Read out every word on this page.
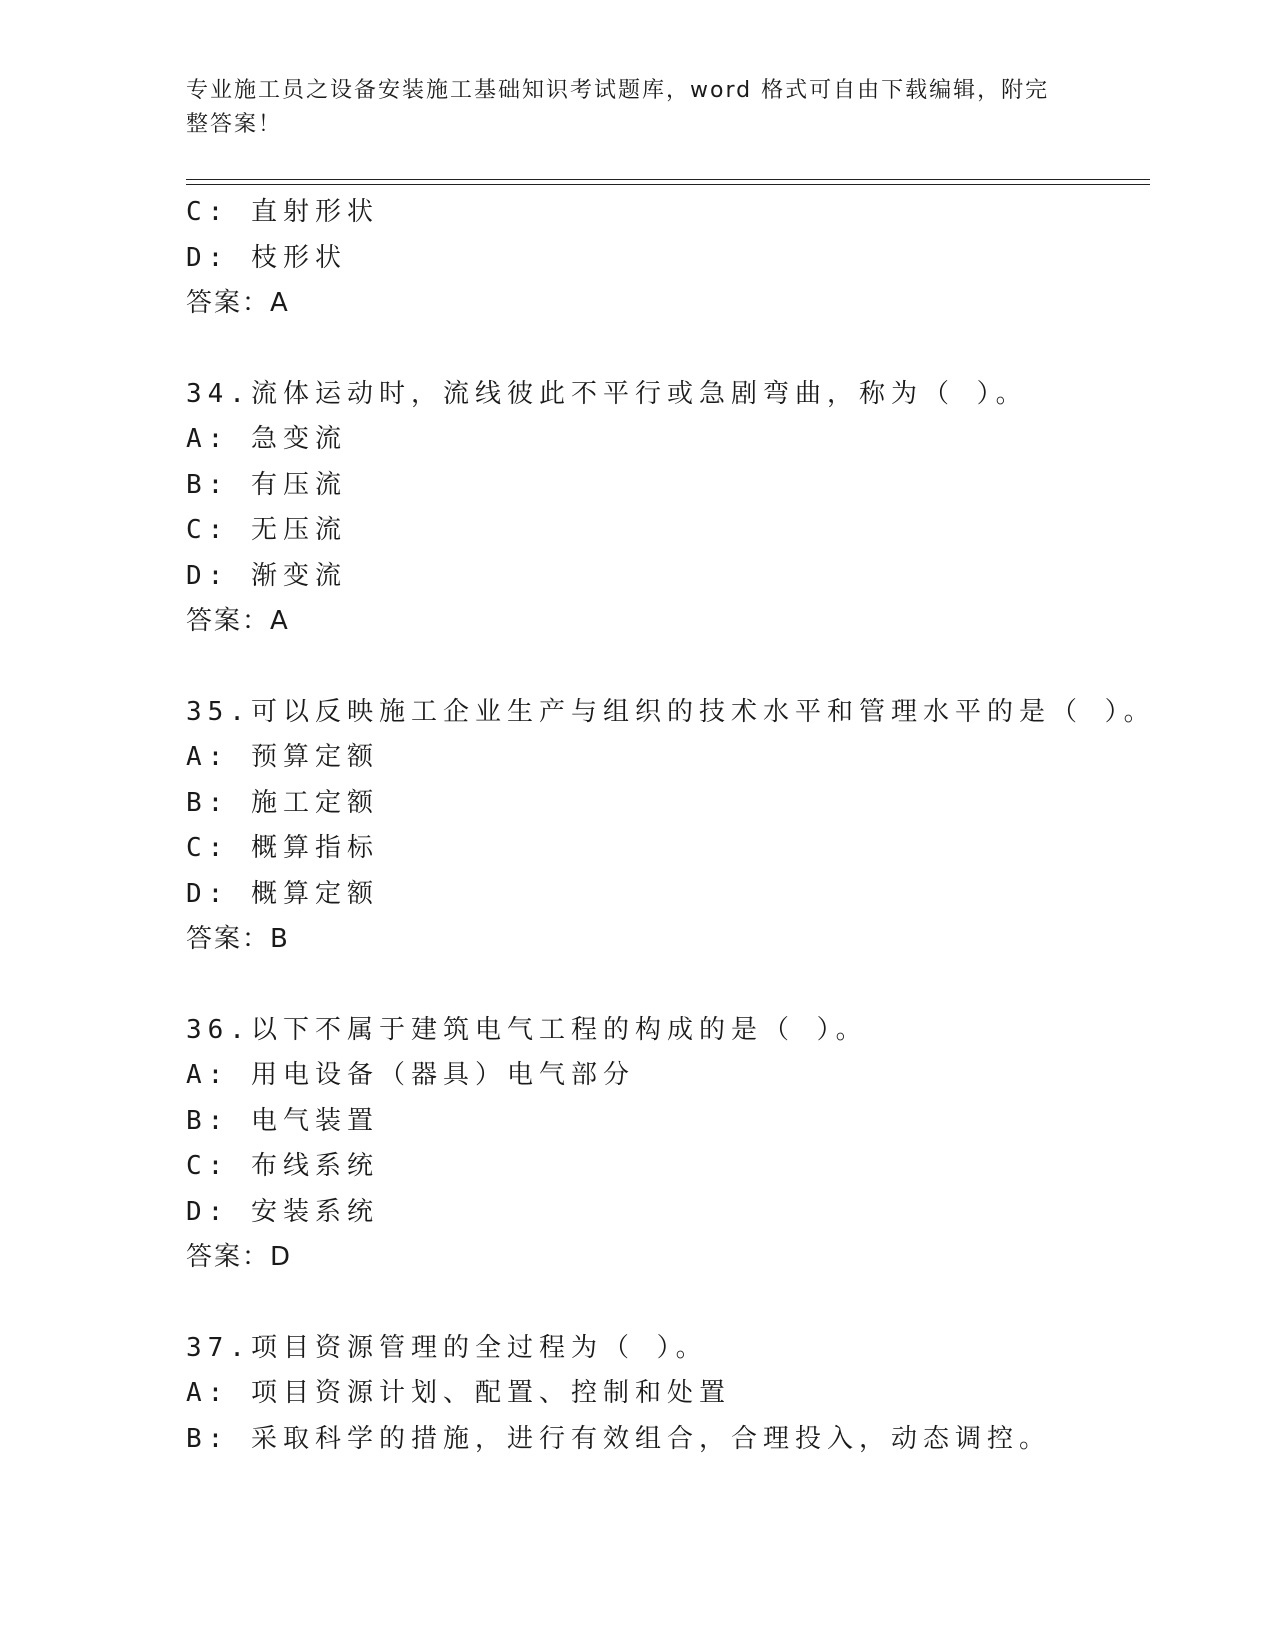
专业施工员之设备安装施工基础知识考试题库，word 格式可自由下载编辑，附完
整答案！
C: 直射形状
D: 枝形状
答案：A
34.流体运动时，流线彼此不平行或急剧弯曲，称为（ ）。
A: 急变流
B: 有压流
C: 无压流
D: 渐变流
答案：A
35.可以反映施工企业生产与组织的技术水平和管理水平的是（ ）。
A: 预算定额
B: 施工定额
C: 概算指标
D: 概算定额
答案：B
36.以下不属于建筑电气工程的构成的是（ ）。
A: 用电设备（器具）电气部分
B: 电气装置
C: 布线系统
D: 安装系统
答案：D
37.项目资源管理的全过程为（ ）。
A: 项目资源计划、配置、控制和处置
B: 采取科学的措施，进行有效组合，合理投入，动态调控。
